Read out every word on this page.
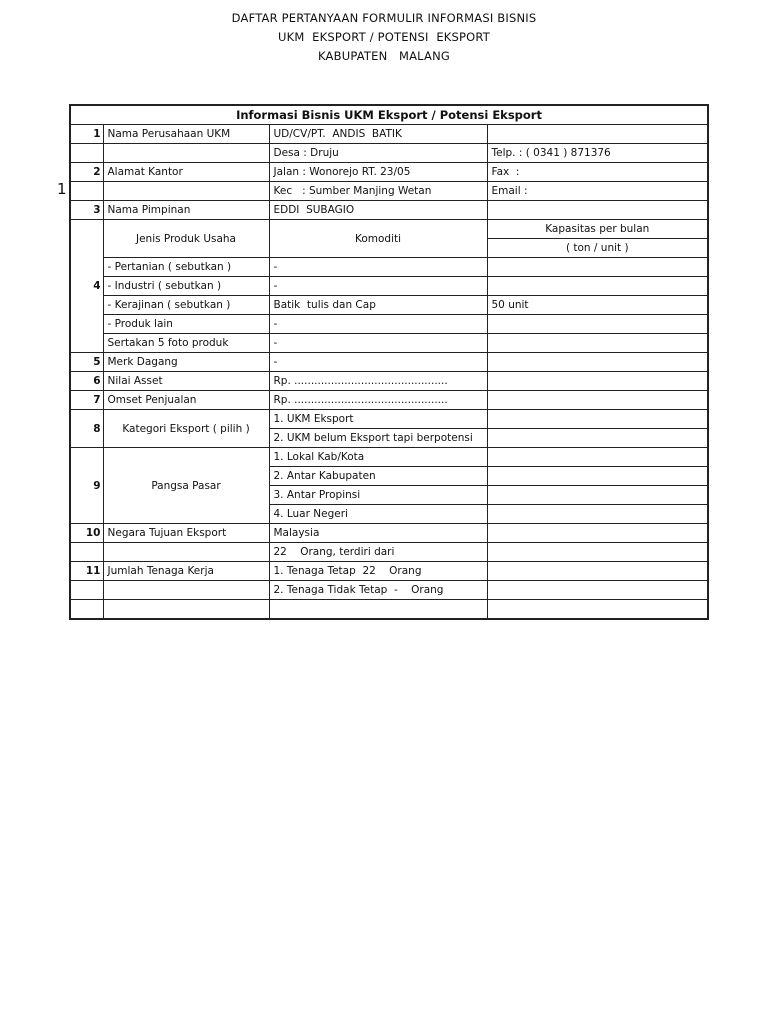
DAFTAR PERTANYAAN FORMULIR INFORMASI BISNIS
UKM  EKSPORT / POTENSI  EKSPORT
KABUPATEN   MALANG
1
Informasi Bisnis UKM Eksport / Potensi Eksport			
1	Nama Perusahaan UKM	UD/CV/PT.  ANDIS  BATIK	
		Desa : Druju	Telp. : ( 0341 ) 871376
2	Alamat Kantor	Jalan : Wonorejo RT. 23/05	Fax  :
		Kec   : Sumber Manjing Wetan	Email :
3	Nama Pimpinan	EDDI  SUBAGIO	
	Jenis Produk Usaha	Komoditi	Kapasitas per bulan
			( ton / unit )
	- Pertanian ( sebutkan )	-	
4	- Industri ( sebutkan )	-	
	- Kerajinan ( sebutkan )	Batik  tulis dan Cap	50 unit
	- Produk lain	-	
	Sertakan 5 foto produk	-	
5	Merk Dagang	-	
6	Nilai Asset	Rp. ..............................................	
7	Omset Penjualan	Rp. ..............................................	
8	Kategori Eksport ( pilih )	1. UKM Eksport	
		2. UKM belum Eksport tapi berpotensi	
9	Pangsa Pasar	1. Lokal Kab/Kota	
		2. Antar Kabupaten	
		3. Antar Propinsi	
		4. Luar Negeri	
10	Negara Tujuan Eksport	Malaysia	
		22    Orang, terdiri dari	
11	Jumlah Tenaga Kerja	1. Tenaga Tetap  22    Orang	
		2. Tenaga Tidak Tetap  -    Orang	
